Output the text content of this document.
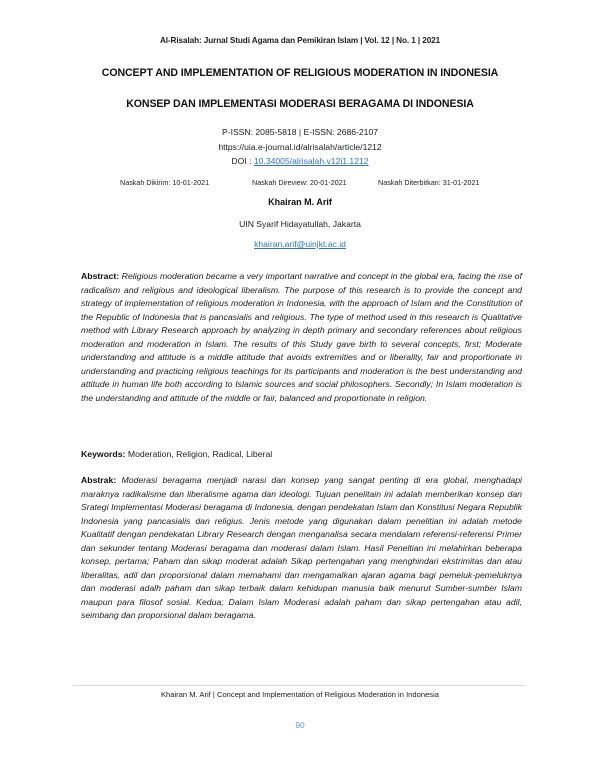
Al-Risalah: Jurnal Studi Agama dan Pemikiran Islam | Vol. 12 | No. 1 | 2021
CONCEPT AND IMPLEMENTATION OF RELIGIOUS MODERATION IN INDONESIA
KONSEP DAN IMPLEMENTASI MODERASI BERAGAMA DI INDONESIA
P-ISSN: 2085-5818 | E-ISSN: 2686-2107
https://uia.e-journal.id/alrisalah/article/1212
DOI : 10.34005/alrisalah.v12i1.1212
Naskah Dikirim: 10-01-2021	Naskah Direview: 20-01-2021	Naskah Diterbitkan: 31-01-2021
Khairan M. Arif
UIN Syarif Hidayatullah, Jakarta
khairan.arif@uinjkt.ac.id
Abstract: Religious moderation became a very important narrative and concept in the global era, facing the rise of radicalism and religious and ideological liberalism. The purpose of this research is to provide the concept and strategy of implementation of religious moderation in Indonesia, with the approach of Islam and the Constitution of the Republic of Indonesia that is pancasialis and religious. The type of method used in this research is Qualitative method with Library Research approach by analyzing in depth primary and secondary references about religious moderation and moderation in Islam. The results of this Study gave birth to several concepts, first; Moderate understanding and attitude is a middle attitude that avoids extremities and or liberality, fair and proportionate in understanding and practicing religious teachings for its participants and moderation is the best understanding and attitude in human life both according to Islamic sources and social philosophers. Secondly; In Islam moderation is the understanding and attitude of the middle or fair, balanced and proportionate in religion.
Keywords: Moderation, Religion, Radical, Liberal
Abstrak: Moderasi beragama menjadi narasi dan konsep yang sangat penting di era global, menghadapi maraknya radikalisme dan liberalisme agama dan ideologi. Tujuan penelitain ini adalah memberikan konsep dan Srategi Implementasi Moderasi beragama di Indonesia, dengan pendekatan Islam dan Konstitusi Negara Republik Indonesia yang pancasialis dan religius. Jenis metode yang digunakan dalam penelitian ini adalah metode Kualitatif dengan pendekatan Library Research dengan menganalisa secara mendalam referensi-referensi Primer dan sekunder tentang Moderasi beragama dan moderasi dalam Islam. Hasil Peneltian ini melahirkan beberapa konsep, pertama; Paham dan sikap moderat adalah Sikap pertengahan yang menghindari ekstrimitas dan atau liberalitas, adil dan proporsional dalam memahami dan mengamalkan ajaran agama bagi pemeluk-pemeluknya dan moderasi adalh paham dan sikap terbaik dalam kehidupan manusia baik menurut Sumber-sumber Islam maupun para filosof sosial. Kedua; Dalam Islam Moderasi adalah paham dan sikap pertengahan atau adil, seimbang dan proporsional dalam beragama.
Khairan M. Arif | Concept and Implementation of Religious Moderation in Indonesia
90
